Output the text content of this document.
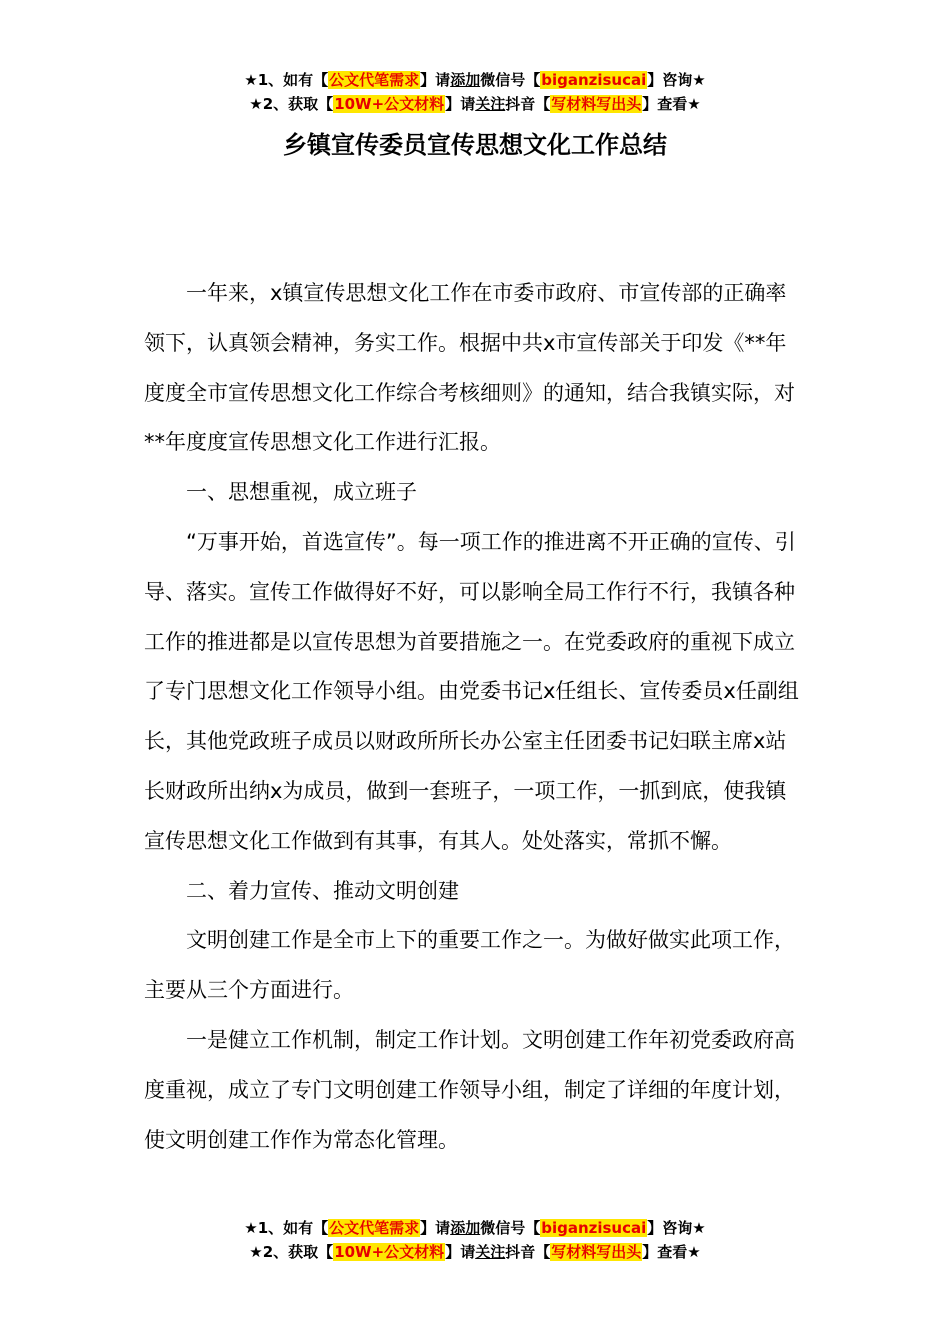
★1、如有【公文代笔需求】请添加微信号【biganzisucai】咨询★
★2、获取【10W+公文材料】请关注抖音【写材料写出头】查看★
乡镇宣传委员宣传思想文化工作总结

一年来，x镇宣传思想文化工作在市委市政府、市宣传部的正确率领下，认真领会精神，务实工作。根据中共x市宣传部关于印发《**年度度全市宣传思想文化工作综合考核细则》的通知，结合我镇实际，对**年度度宣传思想文化工作进行汇报。

一、思想重视，成立班子

“万事开始，首选宣传”。每一项工作的推进离不开正确的宣传、引导、落实。宣传工作做得好不好，可以影响全局工作行不行，我镇各种工作的推进都是以宣传思想为首要措施之一。在党委政府的重视下成立了专门思想文化工作领导小组。由党委书记x任组长、宣传委员x任副组长，其他党政班子成员以财政所所长办公室主任团委书记妇联主席x站长财政所出纳x为成员，做到一套班子，一项工作，一抓到底，使我镇宣传思想文化工作做到有其事，有其人。处处落实，常抓不懈。

二、着力宣传、推动文明创建

文明创建工作是全市上下的重要工作之一。为做好做实此项工作，主要从三个方面进行。

一是健立工作机制，制定工作计划。文明创建工作年初党委政府高度重视，成立了专门文明创建工作领导小组，制定了详细的年度计划，使文明创建工作作为常态化管理。

★1、如有【公文代笔需求】请添加微信号【biganzisucai】咨询★
★2、获取【10W+公文材料】请关注抖音【写材料写出头】查看★
